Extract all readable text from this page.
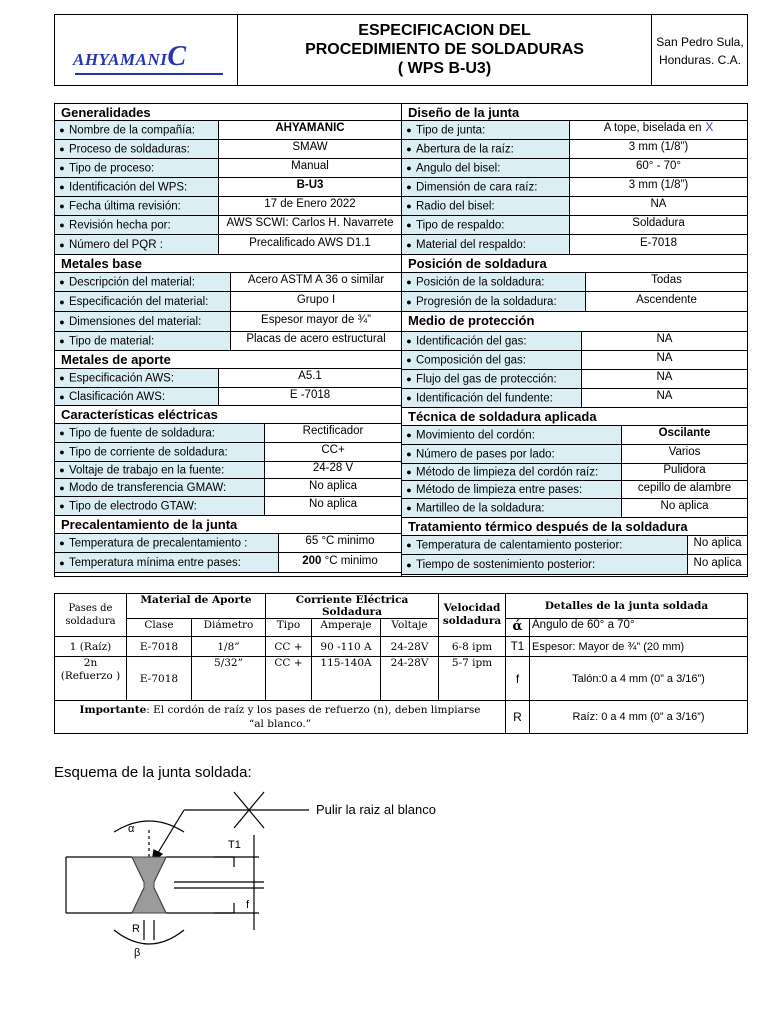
AHYAMANIC
ESPECIFICACION DEL
PROCEDIMIENTO DE SOLDADURAS
( WPS B-U3)
San Pedro Sula,
Honduras. C.A.
Generalidades
● Nombre de la compañía:	AHYAMANIC
● Proceso de soldaduras:	SMAW
● Tipo de proceso:	Manual
● Identificación del WPS:	B-U3
● Fecha última revisión:	17 de Enero 2022
● Revisión hecha por:	AWS SCWI: Carlos H. Navarrete
● Número del PQR :	Precalificado AWS D1.1
Metales base
● Descripción del material:	Acero ASTM A 36 o similar
● Especificación del material:	Grupo I
● Dimensiones del material:	Espesor mayor de ¾”
● Tipo de material:	Placas de acero estructural
Metales de aporte
● Especificación AWS:	A5.1
● Clasificación AWS:	E -7018
Características eléctricas
● Tipo de fuente de soldadura:	Rectificador
● Tipo de corriente de soldadura:	CC+
● Voltaje de trabajo en la fuente:	24-28 V
● Modo de transferencia GMAW:	No aplica
● Tipo de electrodo GTAW:	No aplica
Precalentamiento de la junta
● Temperatura de precalentamiento :	65 °C minimo
● Temperatura mínima entre pases:	200 °C minimo
Diseño de la junta
● Tipo de junta:	A tope, biselada en X
● Abertura de la raíz:	3 mm (1/8”)
● Angulo del bisel:	60° - 70°
● Dimensión de cara raíz:	3 mm (1/8”)
● Radio del bisel:	NA
● Tipo de respaldo:	Soldadura
● Material del respaldo:	E-7018
Posición de soldadura
● Posición de la soldadura:	Todas
● Progresión de la soldadura:	Ascendente
Medio de protección
● Identificación del gas:	NA
● Composición del gas:	NA
● Flujo del gas de protección:	NA
● Identificación del fundente:	NA
Técnica de soldadura aplicada
● Movimiento del cordón:	Oscilante
● Número de pases por lado:	Varios
● Método de limpieza del cordón raíz:	Pulidora
● Método de limpieza entre pases:	cepillo de alambre
● Martilleo de la soldadura:	No aplica
Tratamiento térmico después de la soldadura
● Temperatura de calentamiento posterior:	No aplica
● Tiempo de sostenimiento posterior:	No aplica
Pases de soldadura	Material de Aporte		Corriente Eléctrica Soldadura			Velocidad soldadura	Detalles de la junta soldada	
	Clase	Diámetro	Tipo	Amperaje	Voltaje		ά	Angulo de 60° a 70°
1 (Raíz)	E-7018	1/8”	CC +	90 -110 A	24-28V	6-8 ipm	T1	Espesor: Mayor de ¾” (20 mm)
2n (Refuerzo )	E-7018	5/32”	CC +	115-140A	24-28V	5-7 ipm	f	Talón:0 a 4 mm (0” a 3/16”)
Importante: El cordón de raíz y los pases de refuerzo (n), deben limpiarse “al blanco.”							R	Raíz: 0 a 4 mm (0” a 3/16”)
Esquema de la junta soldada:
Pulir la raiz al blanco
α
T1
f
R
β
